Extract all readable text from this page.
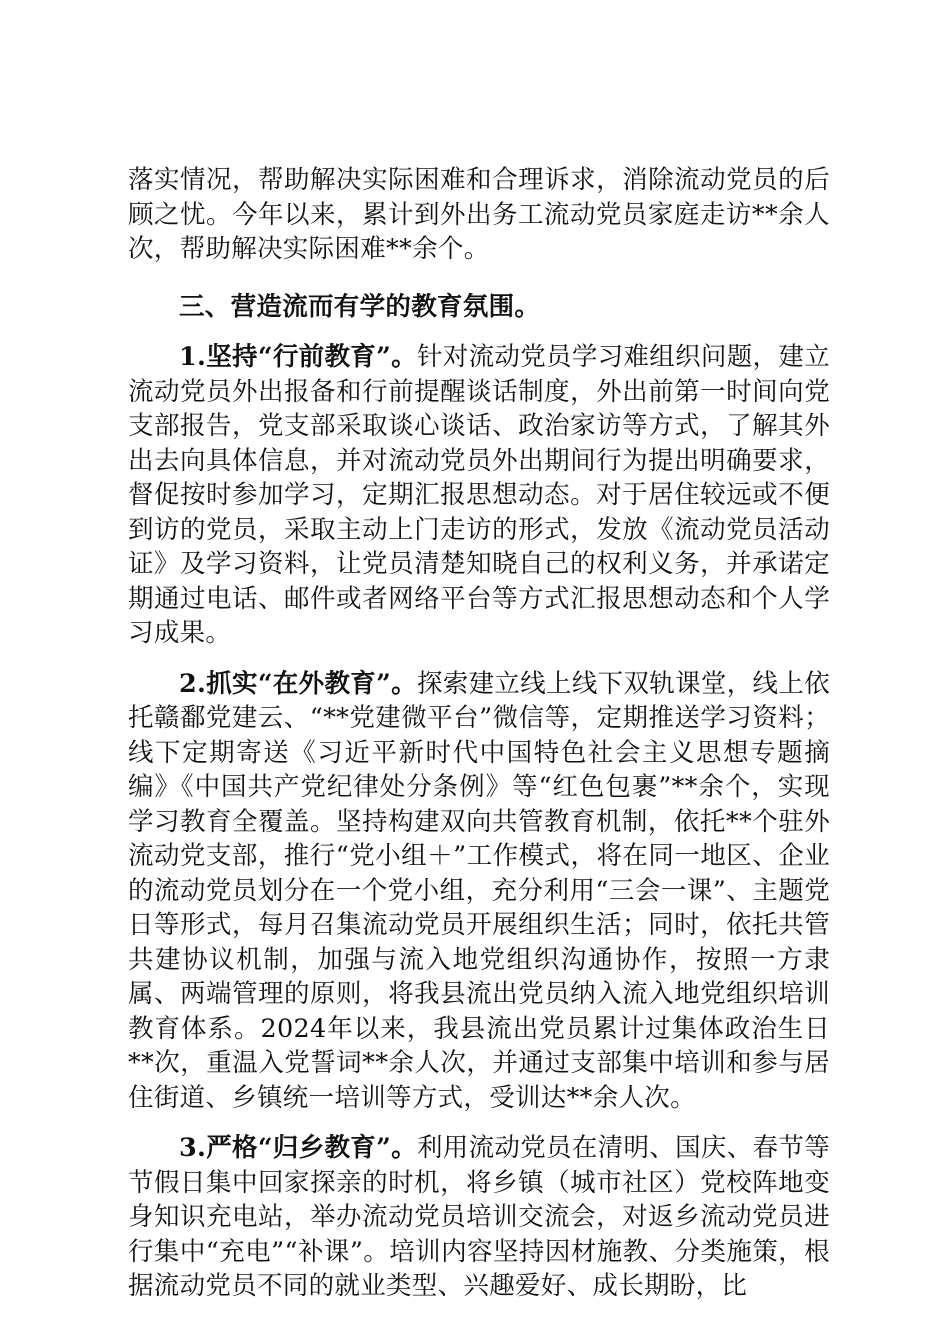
落实情况，帮助解决实际困难和合理诉求，消除流动党员的后顾之忧。今年以来，累计到外出务工流动党员家庭走访**余人次，帮助解决实际困难**余个。

三、营造流而有学的教育氛围。

1.坚持“行前教育”。针对流动党员学习难组织问题，建立流动党员外出报备和行前提醒谈话制度，外出前第一时间向党支部报告，党支部采取谈心谈话、政治家访等方式，了解其外出去向具体信息，并对流动党员外出期间行为提出明确要求，督促按时参加学习，定期汇报思想动态。对于居住较远或不便到访的党员，采取主动上门走访的形式，发放《流动党员活动证》及学习资料，让党员清楚知晓自己的权利义务，并承诺定期通过电话、邮件或者网络平台等方式汇报思想动态和个人学习成果。

2.抓实“在外教育”。探索建立线上线下双轨课堂，线上依托赣鄱党建云、“**党建微平台”微信等，定期推送学习资料；线下定期寄送《习近平新时代中国特色社会主义思想专题摘编》《中国共产党纪律处分条例》等“红色包裹”**余个，实现学习教育全覆盖。坚持构建双向共管教育机制，依托**个驻外流动党支部，推行“党小组＋”工作模式，将在同一地区、企业的流动党员划分在一个党小组，充分利用“三会一课”、主题党日等形式，每月召集流动党员开展组织生活；同时，依托共管共建协议机制，加强与流入地党组织沟通协作，按照一方隶属、两端管理的原则，将我县流出党员纳入流入地党组织培训教育体系。2024年以来，我县流出党员累计过集体政治生日**次，重温入党誓词**余人次，并通过支部集中培训和参与居住街道、乡镇统一培训等方式，受训达**余人次。

3.严格“归乡教育”。利用流动党员在清明、国庆、春节等节假日集中回家探亲的时机，将乡镇（城市社区）党校阵地变身知识充电站，举办流动党员培训交流会，对返乡流动党员进行集中“充电”“补课”。培训内容坚持因材施教、分类施策，根据流动党员不同的就业类型、兴趣爱好、成长期盼，比
